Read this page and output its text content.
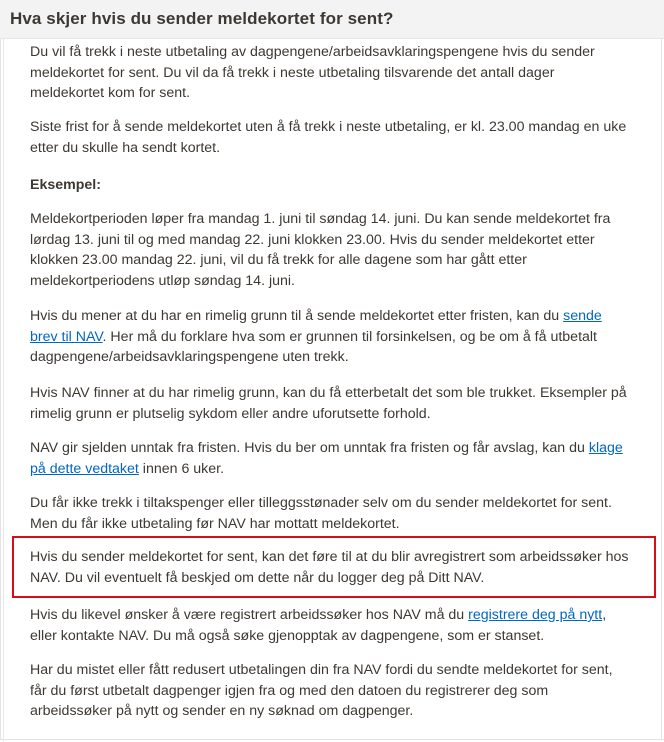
Hva skjer hvis du sender meldekortet for sent?
Du vil få trekk i neste utbetaling av dagpengene/arbeidsavklaringspengene hvis du sender
meldekortet for sent. Du vil da få trekk i neste utbetaling tilsvarende det antall dager
meldekortet kom for sent.
Siste frist for å sende meldekortet uten å få trekk i neste utbetaling, er kl. 23.00 mandag en uke
etter du skulle ha sendt kortet.
Eksempel:
Meldekortperioden løper fra mandag 1. juni til søndag 14. juni. Du kan sende meldekortet fra
lørdag 13. juni til og med mandag 22. juni klokken 23.00. Hvis du sender meldekortet etter
klokken 23.00 mandag 22. juni, vil du få trekk for alle dagene som har gått etter
meldekortperiodens utløp søndag 14. juni.
Hvis du mener at du har en rimelig grunn til å sende meldekortet etter fristen, kan du sende
brev til NAV. Her må du forklare hva som er grunnen til forsinkelsen, og be om å få utbetalt
dagpengene/arbeidsavklaringspengene uten trekk.
Hvis NAV finner at du har rimelig grunn, kan du få etterbetalt det som ble trukket. Eksempler på
rimelig grunn er plutselig sykdom eller andre uforutsette forhold.
NAV gir sjelden unntak fra fristen. Hvis du ber om unntak fra fristen og får avslag, kan du klage
på dette vedtaket innen 6 uker.
Du får ikke trekk i tiltakspenger eller tilleggsstønader selv om du sender meldekortet for sent.
Men du får ikke utbetaling før NAV har mottatt meldekortet.
Hvis du sender meldekortet for sent, kan det føre til at du blir avregistrert som arbeidssøker hos
NAV. Du vil eventuelt få beskjed om dette når du logger deg på Ditt NAV.
Hvis du likevel ønsker å være registrert arbeidssøker hos NAV må du registrere deg på nytt,
eller kontakte NAV. Du må også søke gjenopptak av dagpengene, som er stanset.
Har du mistet eller fått redusert utbetalingen din fra NAV fordi du sendte meldekortet for sent,
får du først utbetalt dagpenger igjen fra og med den datoen du registrerer deg som
arbeidssøker på nytt og sender en ny søknad om dagpenger.
